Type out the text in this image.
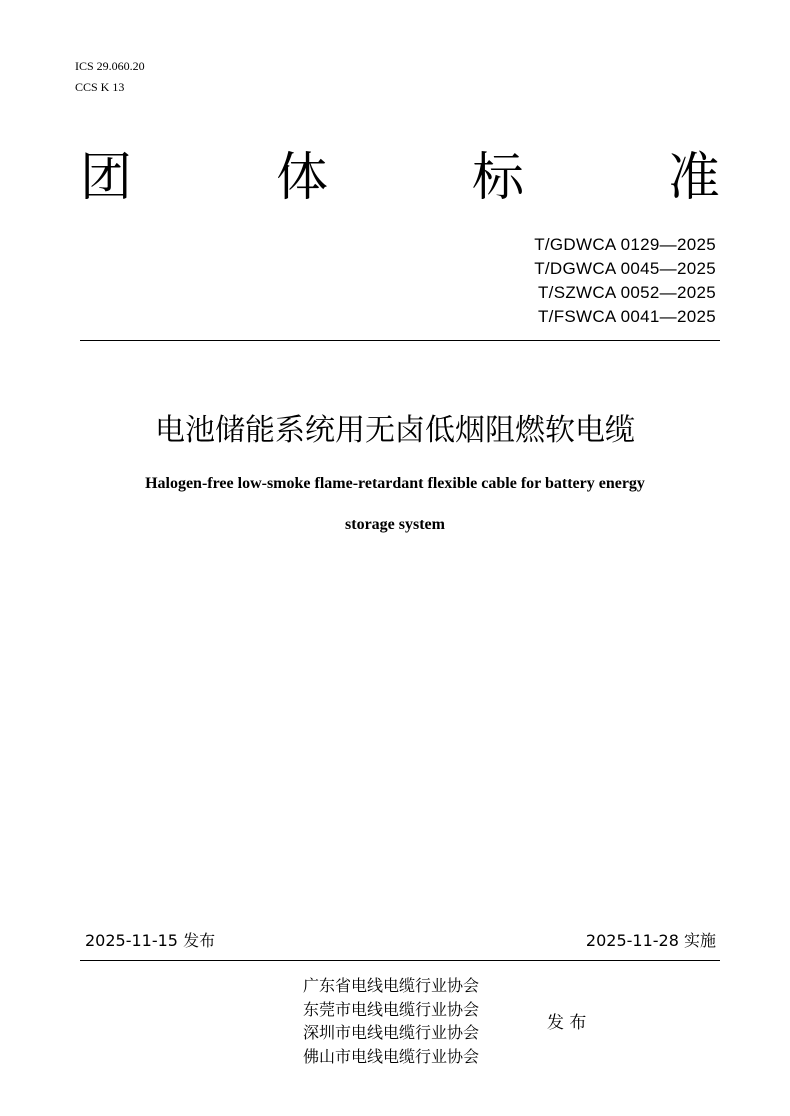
ICS 29.060.20
CCS K 13
团	体	标	准
T/GDWCA 0129—2025
T/DGWCA 0045—2025
T/SZWCA 0052—2025
T/FSWCA 0041—2025
电池储能系统用无卤低烟阻燃软电缆
Halogen-free low-smoke flame-retardant flexible cable for battery energy
storage system
2025-11-15 发布	2025-11-28 实施
广东省电线电缆行业协会
东莞市电线电缆行业协会
深圳市电线电缆行业协会
佛山市电线电缆行业协会
发 布
